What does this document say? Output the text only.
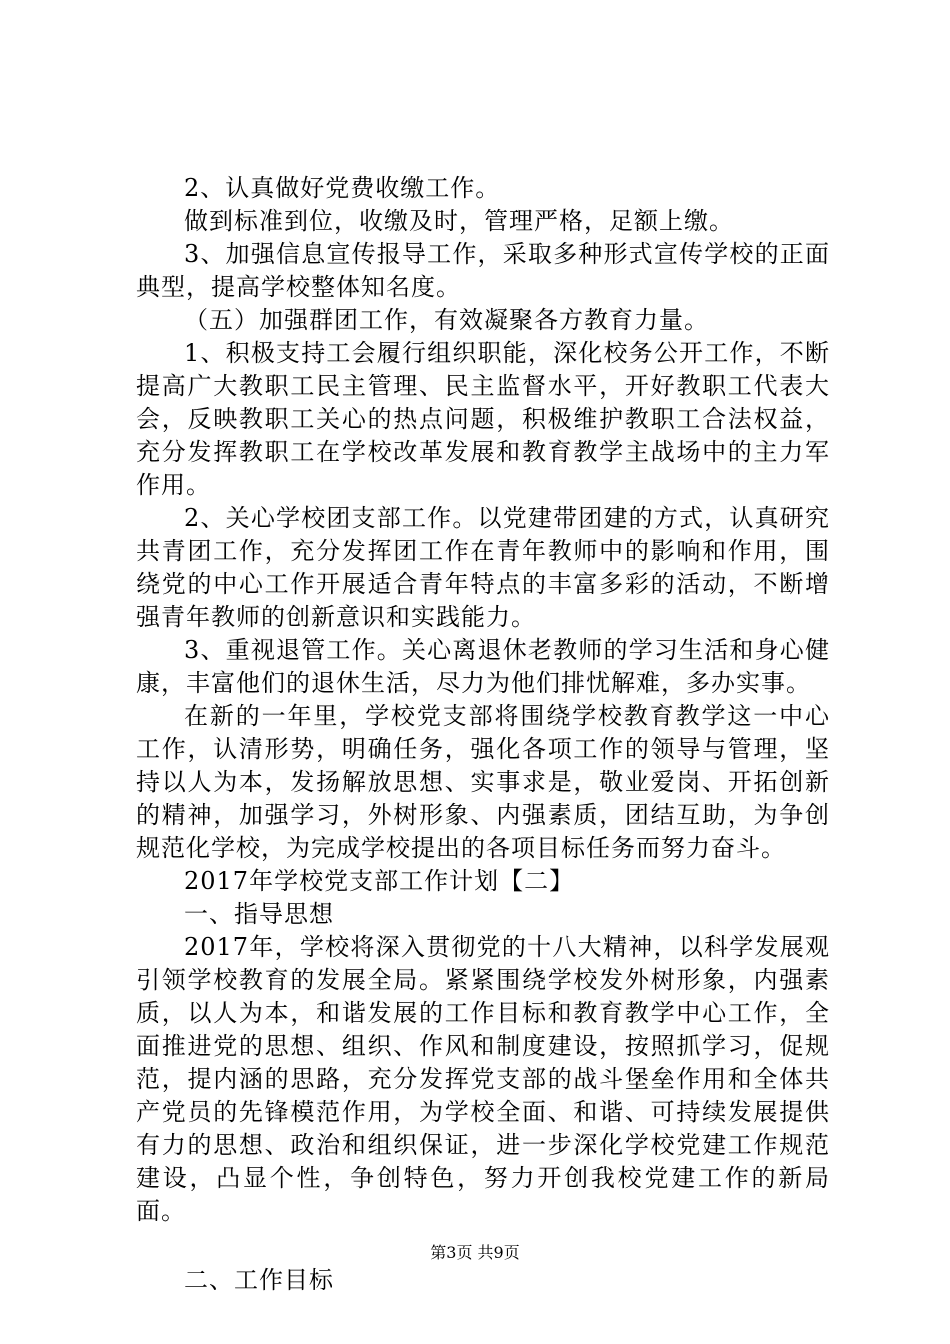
2、认真做好党费收缴工作。

做到标准到位，收缴及时，管理严格，足额上缴。

3、加强信息宣传报导工作，采取多种形式宣传学校的正面典型，提高学校整体知名度。

（五）加强群团工作，有效凝聚各方教育力量。

1、积极支持工会履行组织职能，深化校务公开工作，不断提高广大教职工民主管理、民主监督水平，开好教职工代表大会，反映教职工关心的热点问题，积极维护教职工合法权益，充分发挥教职工在学校改革发展和教育教学主战场中的主力军作用。

2、关心学校团支部工作。以党建带团建的方式，认真研究共青团工作，充分发挥团工作在青年教师中的影响和作用，围绕党的中心工作开展适合青年特点的丰富多彩的活动，不断增强青年教师的创新意识和实践能力。

3、重视退管工作。关心离退休老教师的学习生活和身心健康，丰富他们的退休生活，尽力为他们排忧解难，多办实事。

在新的一年里，学校党支部将围绕学校教育教学这一中心工作，认清形势，明确任务，强化各项工作的领导与管理，坚持以人为本，发扬解放思想、实事求是，敬业爱岗、开拓创新的精神，加强学习，外树形象、内强素质，团结互助，为争创规范化学校，为完成学校提出的各项目标任务而努力奋斗。

2017年学校党支部工作计划【二】

一、指导思想

2017年，学校将深入贯彻党的十八大精神，以科学发展观引领学校教育的发展全局。紧紧围绕学校发外树形象，内强素质，以人为本，和谐发展的工作目标和教育教学中心工作，全面推进党的思想、组织、作风和制度建设，按照抓学习，促规范，提内涵的思路，充分发挥党支部的战斗堡垒作用和全体共产党员的先锋模范作用，为学校全面、和谐、可持续发展提供有力的思想、政治和组织保证，进一步深化学校党建工作规范建设，凸显个性，争创特色，努力开创我校党建工作的新局面。

二、工作目标

第3页 共9页
